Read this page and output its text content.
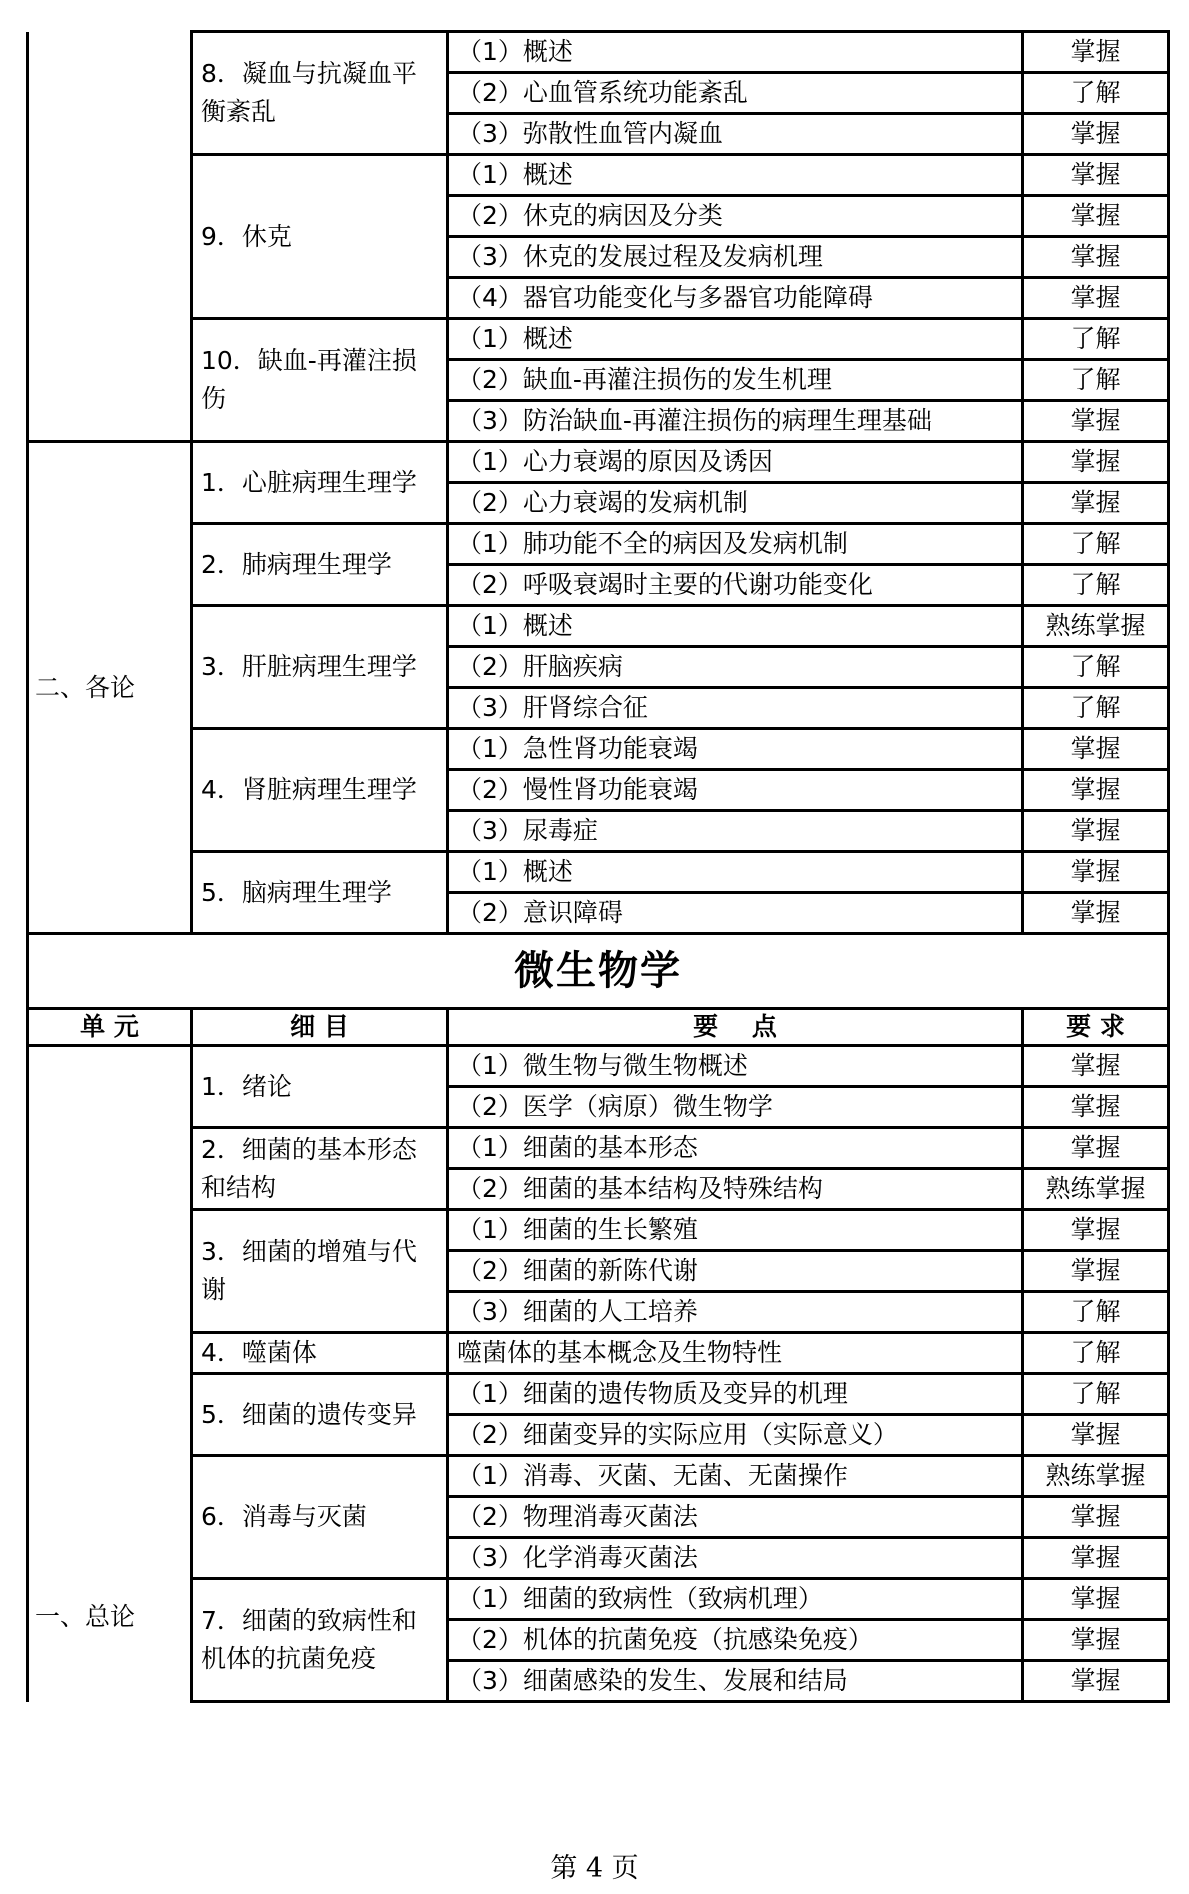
	8．凝血与抗凝血平衡紊乱	（1）概述	掌握
		（2）心血管系统功能紊乱	了解
		（3）弥散性血管内凝血	掌握
	9．休克	（1）概述	掌握
		（2）休克的病因及分类	掌握
		（3）休克的发展过程及发病机理	掌握
		（4）器官功能变化与多器官功能障碍	掌握
	10．缺血-再灌注损伤	（1）概述	了解
		（2）缺血-再灌注损伤的发生机理	了解
		（3）防治缺血-再灌注损伤的病理生理基础	掌握
二、各论	1．心脏病理生理学	（1）心力衰竭的原因及诱因	掌握
		（2）心力衰竭的发病机制	掌握
	2．肺病理生理学	（1）肺功能不全的病因及发病机制	了解
		（2）呼吸衰竭时主要的代谢功能变化	了解
	3．肝脏病理生理学	（1）概述	熟练掌握
		（2）肝脑疾病	了解
		（3）肝肾综合征	了解
	4．肾脏病理生理学	（1）急性肾功能衰竭	掌握
		（2）慢性肾功能衰竭	掌握
		（3）尿毒症	掌握
	5．脑病理生理学	（1）概述	掌握
		（2）意识障碍	掌握
微生物学			
单 元	细 目	要　 点	要 求
一、总论	1．绪论	（1）微生物与微生物概述	掌握
		（2）医学（病原）微生物学	掌握
	2．细菌的基本形态和结构	（1）细菌的基本形态	掌握
		（2）细菌的基本结构及特殊结构	熟练掌握
	3．细菌的增殖与代谢	（1）细菌的生长繁殖	掌握
		（2）细菌的新陈代谢	掌握
		（3）细菌的人工培养	了解
	4．噬菌体	噬菌体的基本概念及生物特性	了解
	5．细菌的遗传变异	（1）细菌的遗传物质及变异的机理	了解
		（2）细菌变异的实际应用（实际意义）	掌握
	6．消毒与灭菌	（1）消毒、灭菌、无菌、无菌操作	熟练掌握
		（2）物理消毒灭菌法	掌握
		（3）化学消毒灭菌法	掌握
	7．细菌的致病性和机体的抗菌免疫	（1）细菌的致病性（致病机理）	掌握
		（2）机体的抗菌免疫（抗感染免疫）	掌握
		（3）细菌感染的发生、发展和结局	掌握
第 4 页
